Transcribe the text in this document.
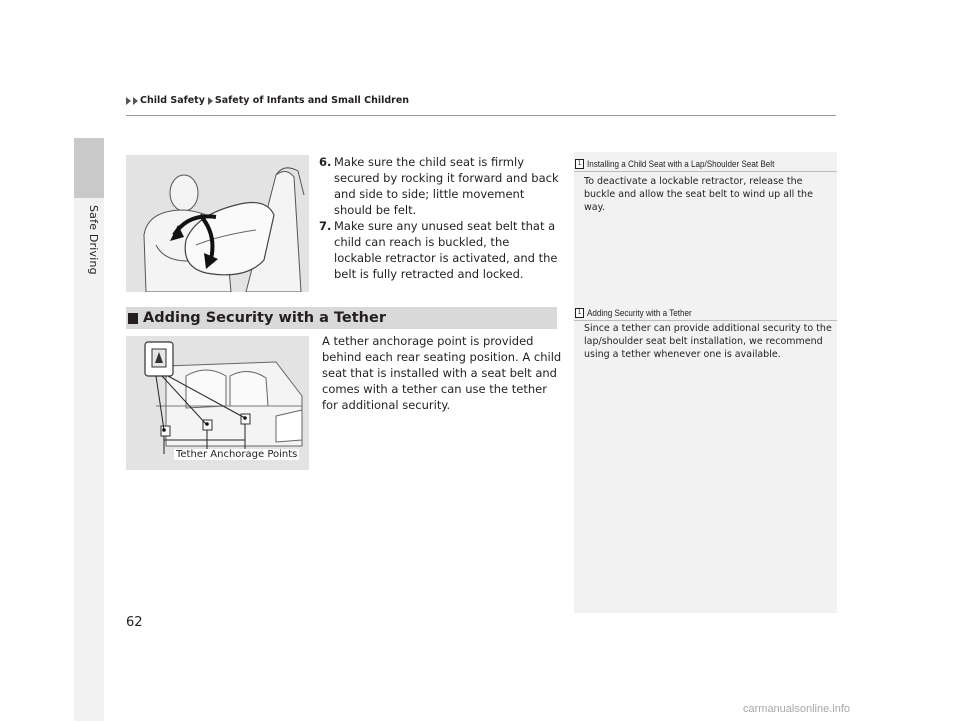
Safe Driving
Child Safety Safety of Infants and Small Children
6. Make sure the child seat is firmly secured by rocking it forward and back and side to side; little movement should be felt.
7. Make sure any unused seat belt that a child can reach is buckled, the lockable retractor is activated, and the belt is fully retracted and locked.
Adding Security with a Tether
Tether Anchorage Points
A tether anchorage point is provided behind each rear seating position. A child seat that is installed with a seat belt and comes with a tether can use the tether for additional security.
1 Installing a Child Seat with a Lap/Shoulder Seat Belt
To deactivate a lockable retractor, release the buckle and allow the seat belt to wind up all the way.
1 Adding Security with a Tether
Since a tether can provide additional security to the lap/shoulder seat belt installation, we recommend using a tether whenever one is available.
62
carmanualsonline.info
